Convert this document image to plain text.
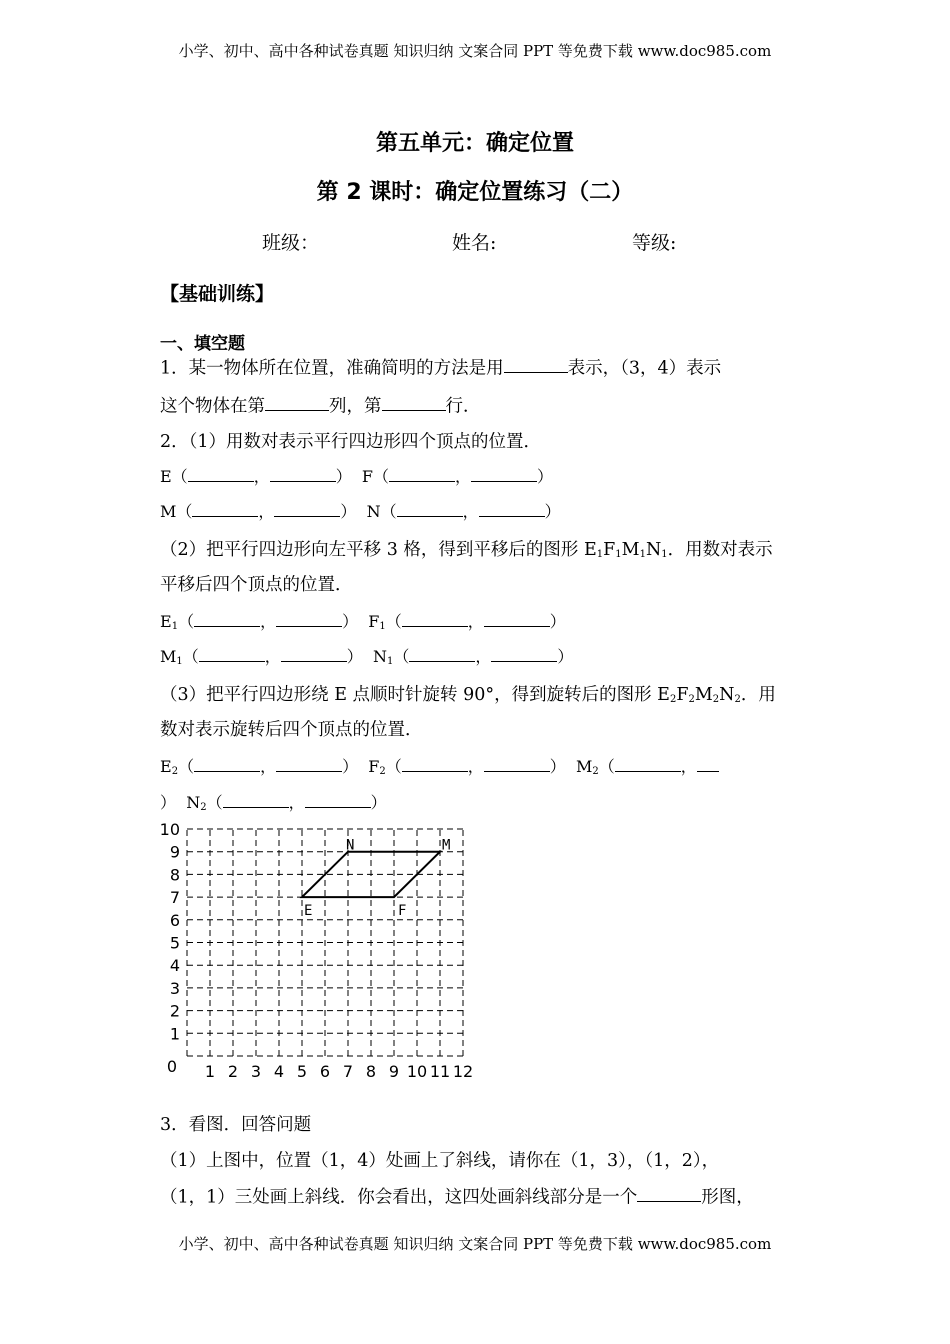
小学、初中、高中各种试卷真题 知识归纳 文案合同 PPT 等免费下载 www.doc985.com
第五单元：确定位置
第 2 课时：确定位置练习（二）
班级：	姓名:	等级:
【基础训练】
一、填空题
1．某一物体所在位置，准确简明的方法是用	表示，（3，4）表示
这个物体在第	列，第	行．
2．（1）用数对表示平行四边形四个顶点的位置．
E（	，	） F（	，	）
M（	，	） N（	，	）
（2）把平行四边形向左平移 3 格，得到平移后的图形 $E_1F_1M_1N_1$．用数对表示
平移后四个顶点的位置．
$E_1$（	，	） $F_1$（	，	）
$M_1$（	，	） $N_1$（	，	）
（3）把平行四边形绕 E 点顺时针旋转 90°，得到旋转后的图形 $E_2F_2M_2N_2$．用
数对表示旋转后四个顶点的位置．
$E_2$（	，	） $F_2$（	，	） $M_2$（	，
） $N_2$（	，	）
1 2 3 4 5 6 7 8 9 10 11 12
0
1
2
3
4
5
6
7
8
9
10
E	F
M
N
3．看图．回答问题
（1）上图中，位置（1，4）处画上了斜线，请你在（1，3），（1，2），
（1，1）三处画上斜线．你会看出，这四处画斜线部分是一个	形图，
小学、初中、高中各种试卷真题 知识归纳 文案合同 PPT 等免费下载 www.doc985.com
